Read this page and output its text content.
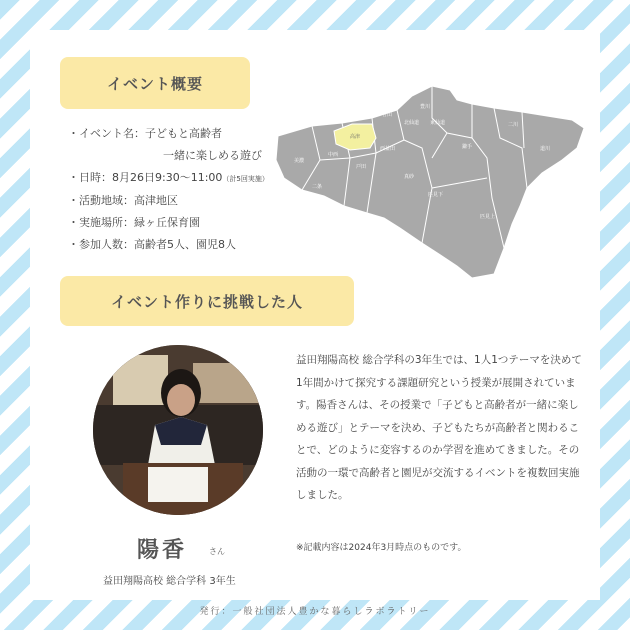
イベント概要
・イベント名：子どもと高齢者
一緒に楽しめる遊び
・日時：8月26日9:30～11:00（計5回実施）
・活動地域：高津地区
・実施場所：緑ヶ丘保育園
・参加人数：高齢者5人、園児8人
鎌手
豊川
北仙道
吉田
安田
高津
西益田
戸田
中西
美濃
二条
真砂
東仙道	二川
匹見上
道川
匹見下
鎌手
イベント作りに挑戦した人
陽香	さん
益田翔陽高校 総合学科 3年生
益田翔陽高校 総合学科の3年生では、1人1つテーマを決めて1年間かけて探究する課題研究という授業が展開されています。陽香さんは、その授業で「子どもと高齢者が一緒に楽しめる遊び」とテーマを決め、子どもたちが高齢者と関わることで、どのように変容するのか学習を進めてきました。その活動の一環で高齢者と園児が交流するイベントを複数回実施しました。
※記載内容は2024年3月時点のものです。
発行：一般社団法人豊かな暮らしラボラトリー
